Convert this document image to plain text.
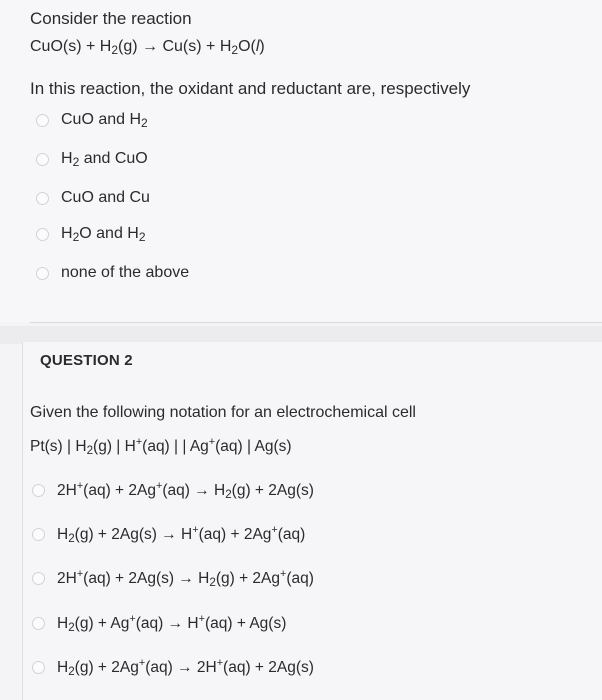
Consider the reaction
$CuO(s) + H_2(g) \to Cu(s) + H_2O(l)$
In this reaction, the oxidant and reductant are, respectively
CuO and $H_2$
$H_2$ and CuO
CuO and Cu
$H_2O$ and $H_2$
none of the above
QUESTION 2
Given the following notation for an electrochemical cell
Pt(s) | $H_2(g)$ | H+(aq) | | Ag+(aq) | Ag(s)
$2H^+(aq) + 2Ag^+(aq) \to H_2(g) + 2Ag(s)$
$H_2(g) + 2Ag(s) \to H^+(aq) + 2Ag^+(aq)$
$2H^+(aq) + 2Ag(s) \to H_2(g) + 2Ag^+(aq)$
$H_2(g) + Ag^+(aq) \to H^+(aq) + Ag(s)$
$H_2(g) + 2Ag^+(aq) \to 2H^+(aq) + 2Ag(s)$
